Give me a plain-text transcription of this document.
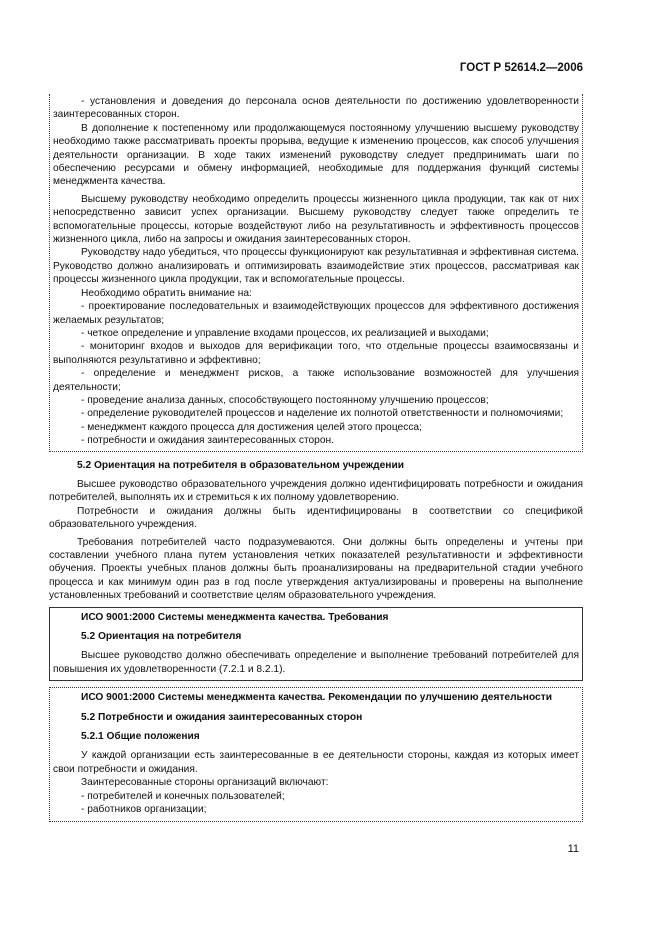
ГОСТ Р 52614.2—2006

- установления и доведения до персонала основ деятельности по достижению удовлетворенности заинтересованных сторон.

В дополнение к постепенному или продолжающемуся постоянному улучшению высшему руководству необходимо также рассматривать проекты прорыва, ведущие к изменению процессов, как способ улучшения деятельности организации. В ходе таких изменений руководству следует предпринимать шаги по обеспечению ресурсами и обмену информацией, необходимые для поддержания функций системы менеджмента качества.

Высшему руководству необходимо определить процессы жизненного цикла продукции, так как от них непосредственно зависит успех организации. Высшему руководству следует также определить те вспомогательные процессы, которые воздействуют либо на результативность и эффективность процессов жизненного цикла, либо на запросы и ожидания заинтересованных сторон.

Руководству надо убедиться, что процессы функционируют как результативная и эффективная система. Руководство должно анализировать и оптимизировать взаимодействие этих процессов, рассматривая как процессы жизненного цикла продукции, так и вспомогательные процессы.

Необходимо обратить внимание на:

- проектирование последовательных и взаимодействующих процессов для эффективного достижения желаемых результатов;

- четкое определение и управление входами процессов, их реализацией и выходами;

- мониторинг входов и выходов для верификации того, что отдельные процессы взаимосвязаны и выполняются результативно и эффективно;

- определение и менеджмент рисков, а также использование возможностей для улучшения деятельности;

- проведение анализа данных, способствующего постоянному улучшению процессов;

- определение руководителей процессов и наделение их полнотой ответственности и полномочиями;

- менеджмент каждого процесса для достижения целей этого процесса;

- потребности и ожидания заинтересованных сторон.

5.2 Ориентация на потребителя в образовательном учреждении

Высшее руководство образовательного учреждения должно идентифицировать потребности и ожидания потребителей, выполнять их и стремиться к их полному удовлетворению.

Потребности и ожидания должны быть идентифицированы в соответствии со спецификой образовательного учреждения.

Требования потребителей часто подразумеваются. Они должны быть определены и учтены при составлении учебного плана путем установления четких показателей результативности и эффективности обучения. Проекты учебных планов должны быть проанализированы на предварительной стадии учебного процесса и как минимум один раз в год после утверждения актуализированы и проверены на выполнение установленных требований и соответствие целям образовательного учреждения.

ИСО 9001:2000 Системы менеджмента качества. Требования

5.2 Ориентация на потребителя

Высшее руководство должно обеспечивать определение и выполнение требований потребителей для повышения их удовлетворенности (7.2.1 и 8.2.1).

ИСО 9001:2000 Системы менеджмента качества. Рекомендации по улучшению деятельности

5.2 Потребности и ожидания заинтересованных сторон

5.2.1 Общие положения

У каждой организации есть заинтересованные в ее деятельности стороны, каждая из которых имеет свои потребности и ожидания.

Заинтересованные стороны организаций включают:

- потребителей и конечных пользователей;

- работников организации;

11
